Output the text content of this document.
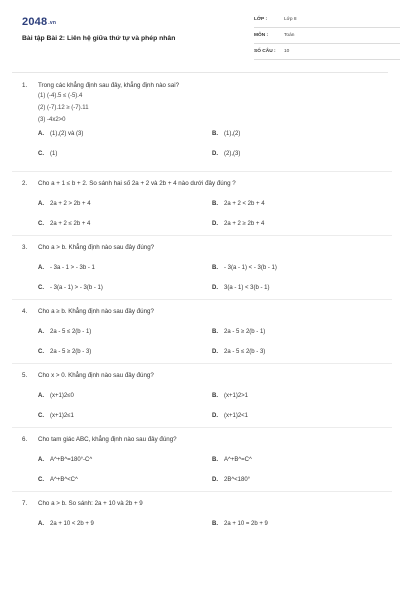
2048.vn
Bài tập Bài 2: Liên hệ giữa thứ tự và phép nhân
LỚP :	Lớp 8
MÔN :	Toán
SỐ CÂU : 10
1. Trong các khẳng định sau đây, khẳng định nào sai?
(1) (-4).5 ≤ (-5).4
(2) (-7).12 ≥ (-7).11
(3) -4x2>0
A. (1),(2) và (3)	B. (1),(2)
C. (1)	D. (2),(3)
2. Cho a + 1 ≤ b + 2. So sánh hai số 2a + 2 và 2b + 4 nào dưới đây đúng ?
A. 2a + 2 > 2b + 4	B. 2a + 2 < 2b + 4
C. 2a + 2 ≤ 2b + 4	D. 2a + 2 ≥ 2b + 4
3. Cho a > b. Khẳng định nào sau đây đúng?
A. - 3a - 1 > - 3b - 1	B. - 3(a - 1) < - 3(b - 1)
C. - 3(a - 1) > - 3(b - 1)	D. 3(a - 1) < 3(b - 1)
4. Cho a ≥ b. Khẳng định nào sau đây đúng?
A. 2a - 5 ≤ 2(b - 1)	B. 2a - 5 ≥ 2(b - 1)
C. 2a - 5 ≥ 2(b - 3)	D. 2a - 5 ≤ 2(b - 3)
5. Cho x > 0. Khẳng định nào sau đây đúng?
A. (x+1)2≤0	B. (x+1)2>1
C. (x+1)2≤1	D. (x+1)2<1
6. Cho tam giác ABC, khẳng định nào sau đây đúng?
A. A^+B^=180°-C^	B. A^+B^=C^
C. A^+B^<C^	D. 2B^<180°
7. Cho a > b. So sánh: 2a + 10 và 2b + 9
A. 2a + 10 < 2b + 9	B. 2a + 10 = 2b + 9
